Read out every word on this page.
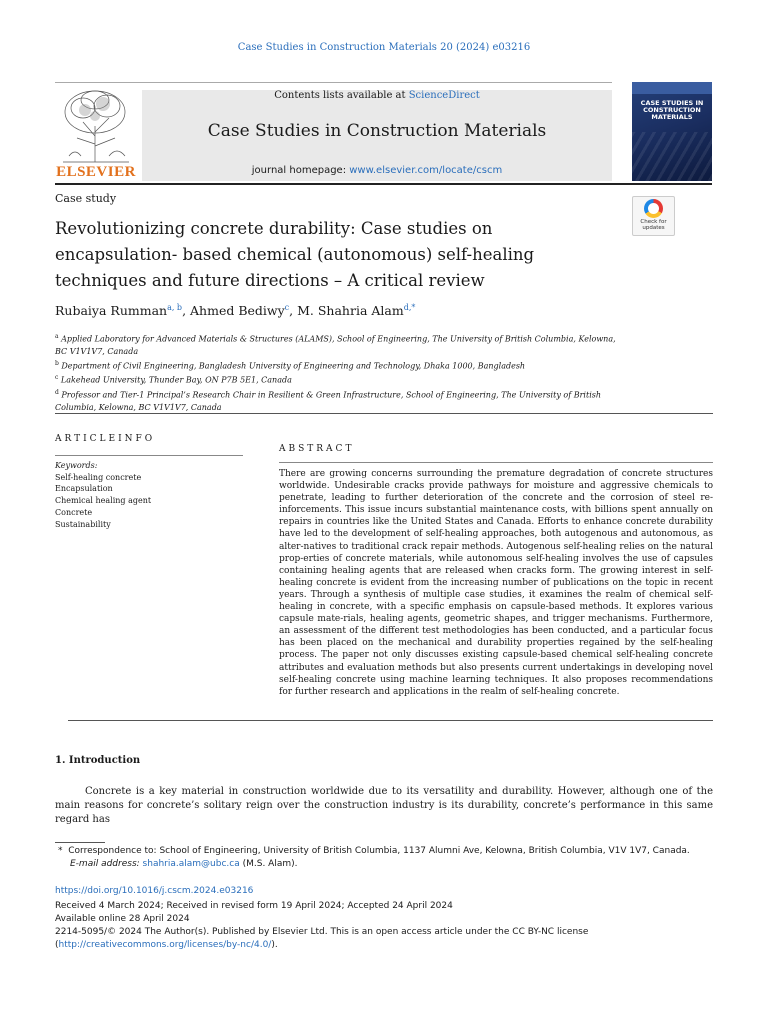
Case Studies in Construction Materials 20 (2024) e03216
ELSEVIER
Contents lists available at ScienceDirect
Case Studies in Construction Materials
journal homepage: www.elsevier.com/locate/cscm
CASE STUDIES IN CONSTRUCTION MATERIALS
Case study
Revolutionizing concrete durability: Case studies on encapsulation- based chemical (autonomous) self-healing techniques and future directions – A critical review
Check for updates
Rubaiya Rumman$^{a, b}$, Ahmed Bediwy$^c$, M. Shahria Alam$^{d,*}$
$^a$ Applied Laboratory for Advanced Materials & Structures (ALAMS), School of Engineering, The University of British Columbia, Kelowna, BC V1V1V7, Canada
$^b$ Department of Civil Engineering, Bangladesh University of Engineering and Technology, Dhaka 1000, Bangladesh
$^c$ Lakehead University, Thunder Bay, ON P7B 5E1, Canada
$^d$ Professor and Tier-1 Principal’s Research Chair in Resilient & Green Infrastructure, School of Engineering, The University of British Columbia, Kelowna, BC V1V1V7, Canada
ARTICLEINFO
Keywords:
Self-healing concrete
Encapsulation
Chemical healing agent
Concrete
Sustainability
ABSTRACT
There are growing concerns surrounding the premature degradation of concrete structures worldwide. Undesirable cracks provide pathways for moisture and aggressive chemicals to penetrate, leading to further deterioration of the concrete and the corrosion of steel re-inforcements. This issue incurs substantial maintenance costs, with billions spent annually on repairs in countries like the United States and Canada. Efforts to enhance concrete durability have led to the development of self-healing approaches, both autogenous and autonomous, as alter-natives to traditional crack repair methods. Autogenous self-healing relies on the natural prop-erties of concrete materials, while autonomous self-healing involves the use of capsules containing healing agents that are released when cracks form. The growing interest in self-healing concrete is evident from the increasing number of publications on the topic in recent years. Through a synthesis of multiple case studies, it examines the realm of chemical self-healing in concrete, with a specific emphasis on capsule-based methods. It explores various capsule mate-rials, healing agents, geometric shapes, and trigger mechanisms. Furthermore, an assessment of the different test methodologies has been conducted, and a particular focus has been placed on the mechanical and durability properties regained by the self-healing process. The paper not only discusses existing capsule-based chemical self-healing concrete attributes and evaluation methods but also presents current undertakings in developing novel self-healing concrete using machine learning techniques. It also proposes recommendations for further research and applications in the realm of self-healing concrete.
1. Introduction
Concrete is a key material in construction worldwide due to its versatility and durability. However, although one of the main reasons for concrete’s solitary reign over the construction industry is its durability, concrete’s performance in this same regard has
* Correspondence to: School of Engineering, University of British Columbia, 1137 Alumni Ave, Kelowna, British Columbia, V1V 1V7, Canada.
E-mail address: shahria.alam@ubc.ca (M.S. Alam).
https://doi.org/10.1016/j.cscm.2024.e03216
Received 4 March 2024; Received in revised form 19 April 2024; Accepted 24 April 2024
Available online 28 April 2024
2214-5095/© 2024 The Author(s). Published by Elsevier Ltd. This is an open access article under the CC BY-NC license (http://creativecommons.org/licenses/by-nc/4.0/).
